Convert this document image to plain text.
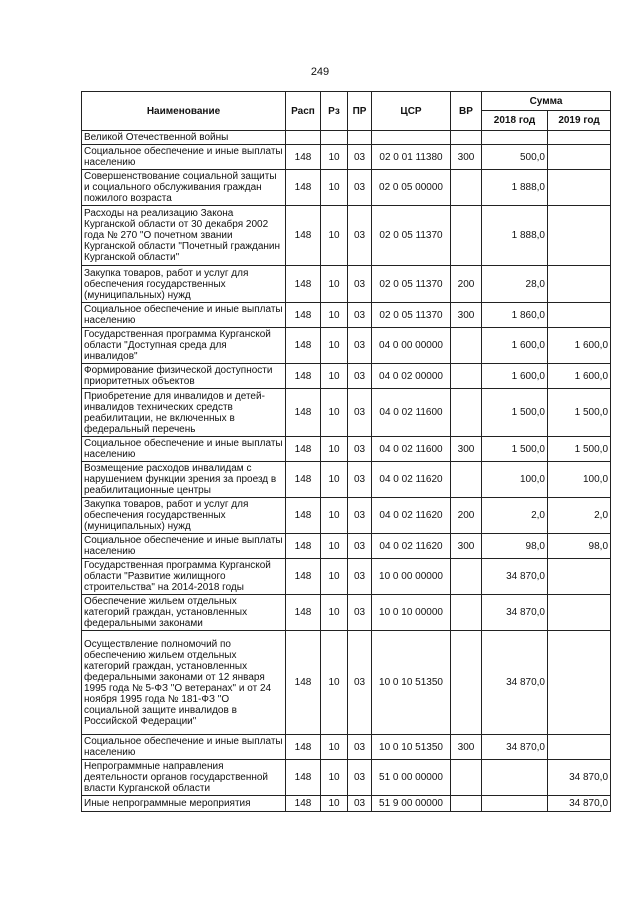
249
Наименование	Расп	Рз	ПР	ЦСР	ВР	Сумма	
						2018 год	2019 год
Великой Отечественной войны							
Социальное обеспечение и иные выплаты населению	148	10	03	02 0 01 11380	300	500,0	
Совершенствование социальной защиты и социального обслуживания граждан пожилого возраста	148	10	03	02 0 05 00000		1 888,0	
Расходы на реализацию Закона Курганской области от 30 декабря 2002 года № 270 "О почетном звании Курганской области "Почетный гражданин Курганской области"	148	10	03	02 0 05 11370		1 888,0	
Закупка товаров, работ и услуг для обеспечения государственных (муниципальных) нужд	148	10	03	02 0 05 11370	200	28,0	
Социальное обеспечение и иные выплаты населению	148	10	03	02 0 05 11370	300	1 860,0	
Государственная программа Курганской области "Доступная среда для инвалидов"	148	10	03	04 0 00 00000		1 600,0	1 600,0
Формирование физической доступности приоритетных объектов	148	10	03	04 0 02 00000		1 600,0	1 600,0
Приобретение для инвалидов и детей-инвалидов технических средств реабилитации, не включенных в федеральный перечень	148	10	03	04 0 02 11600		1 500,0	1 500,0
Социальное обеспечение и иные выплаты населению	148	10	03	04 0 02 11600	300	1 500,0	1 500,0
Возмещение расходов инвалидам с нарушением функции зрения за проезд в реабилитационные центры	148	10	03	04 0 02 11620		100,0	100,0
Закупка товаров, работ и услуг для обеспечения государственных (муниципальных) нужд	148	10	03	04 0 02 11620	200	2,0	2,0
Социальное обеспечение и иные выплаты населению	148	10	03	04 0 02 11620	300	98,0	98,0
Государственная программа Курганской области "Развитие жилищного строительства" на 2014-2018 годы	148	10	03	10 0 00 00000		34 870,0	
Обеспечение жильем отдельных категорий граждан, установленных федеральными законами	148	10	03	10 0 10 00000		34 870,0	
Осуществление полномочий по обеспечению жильем отдельных категорий граждан, установленных федеральными законами от 12 января 1995 года № 5-ФЗ "О ветеранах" и от 24 ноября 1995 года № 181-ФЗ "О социальной защите инвалидов в Российской Федерации"	148	10	03	10 0 10 51350		34 870,0	
Социальное обеспечение и иные выплаты населению	148	10	03	10 0 10 51350	300	34 870,0	
Непрограммные направления деятельности органов государственной власти Курганской области	148	10	03	51 0 00 00000			34 870,0
Иные непрограммные мероприятия	148	10	03	51 9 00 00000			34 870,0
